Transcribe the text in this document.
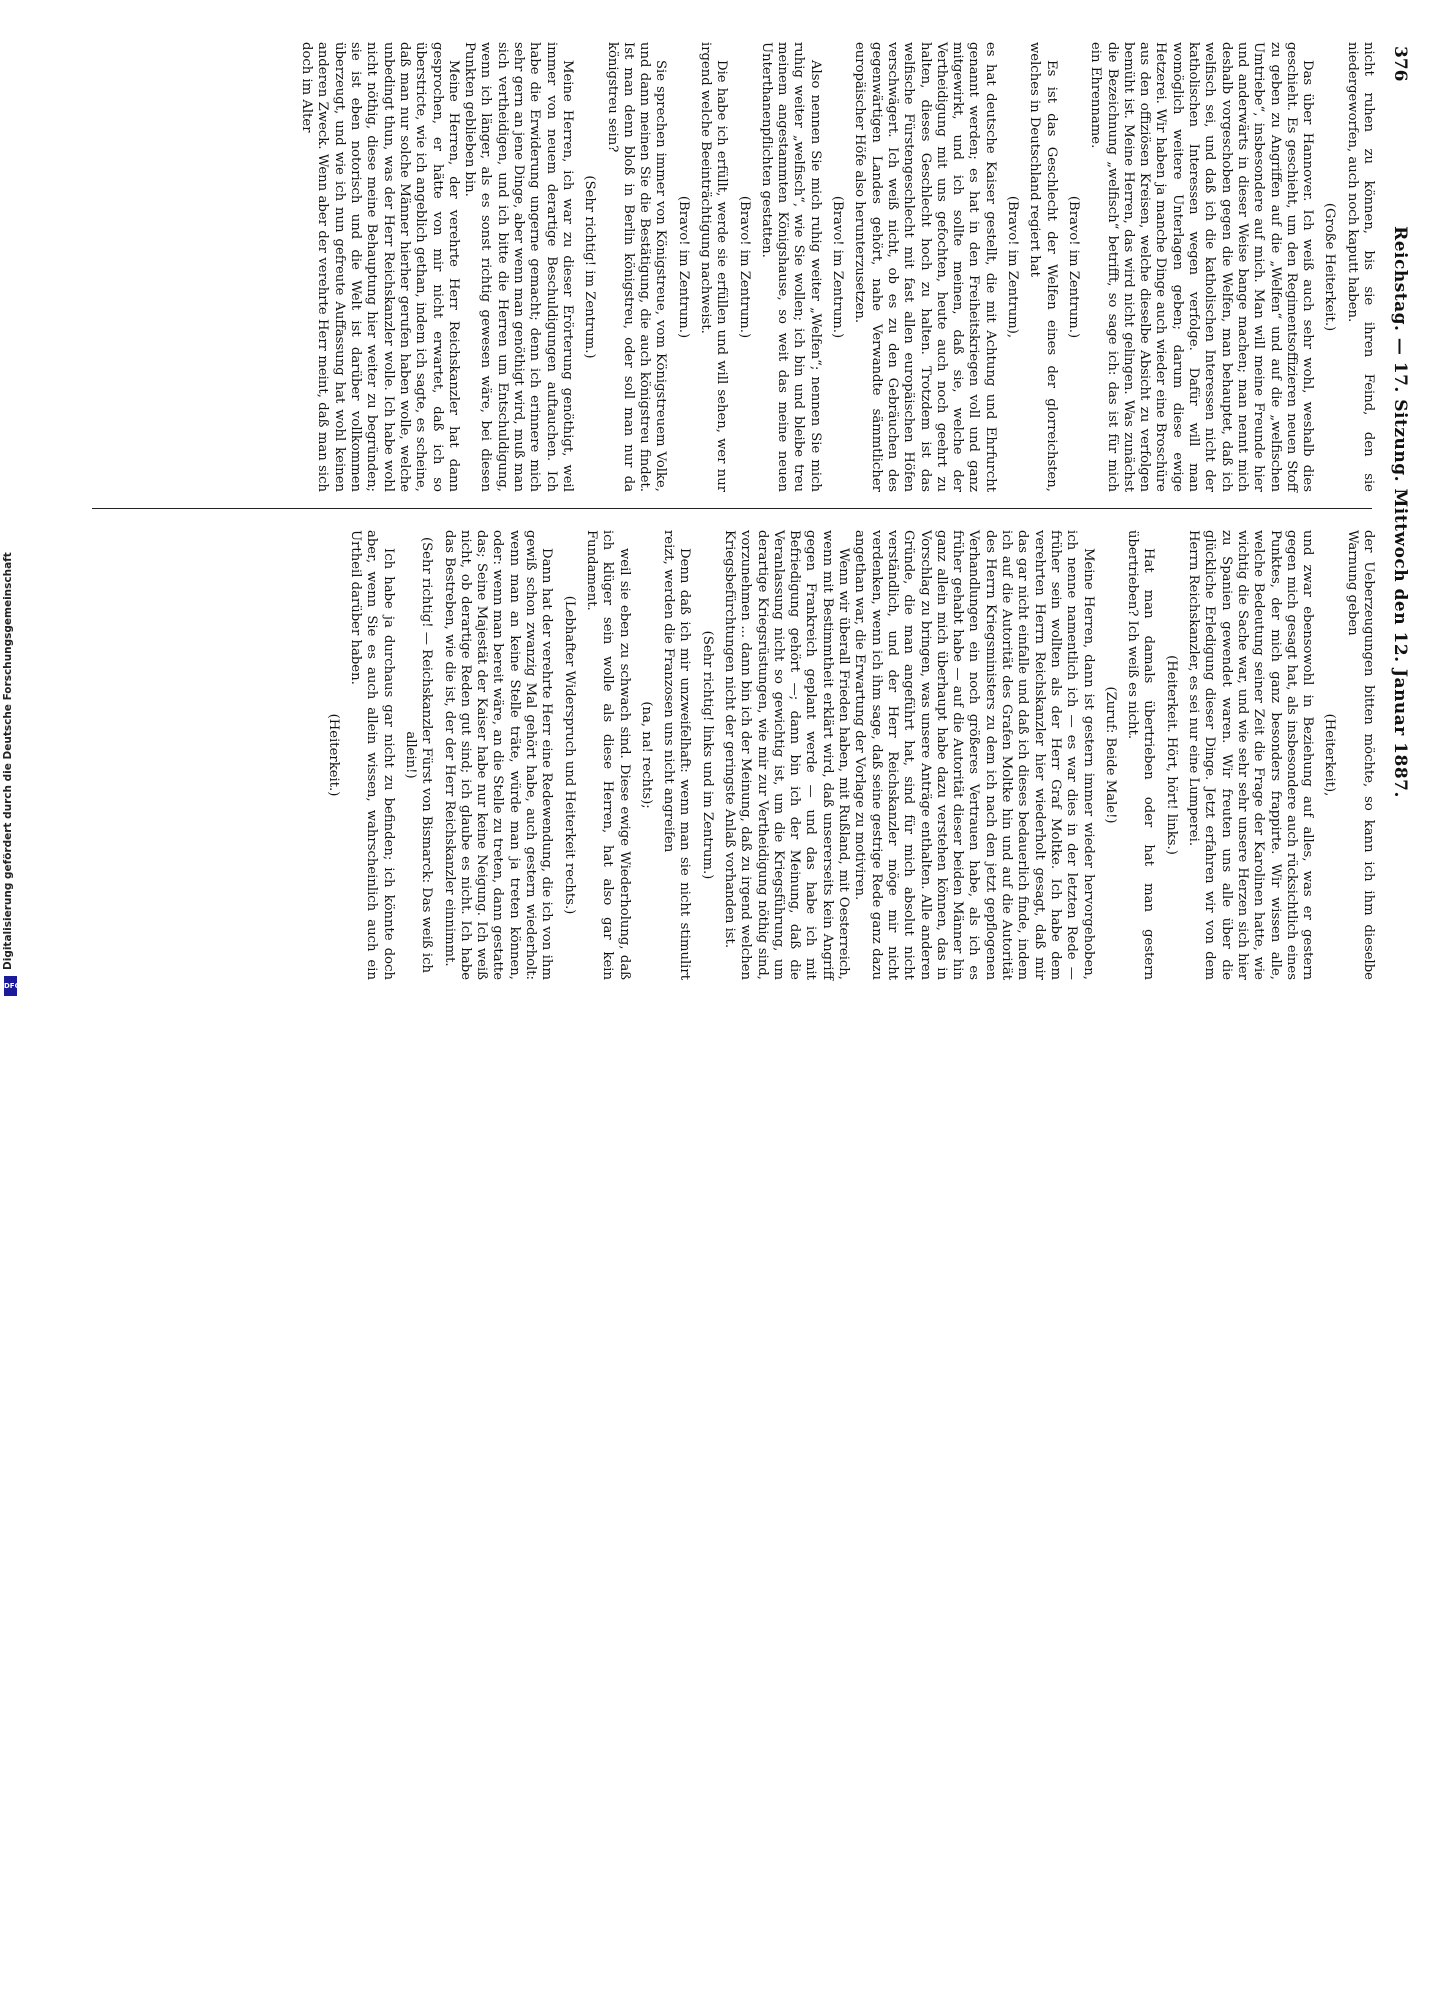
376
Reichstag. — 17. Sitzung. Mittwoch den 12. Januar 1887.

nicht ruhen zu können, bis sie ihren Feind, den sie niedergeworfen, auch noch kaputt haben.

(Große Heiterkeit.)

Das über Hannover. Ich weiß auch sehr wohl, weshalb dies geschieht. Es geschieht, um den Regimentsoffizieren neuen Stoff zu geben zu Angriffen auf die „Welfen“ und auf die „welfischen Umtriebe“, insbesondere auf mich. Man will meine Freunde hier und anderwärts in dieser Weise bange machen; man nennt mich deshalb vorgeschoben gegen die Welfen, man behauptet, daß ich welfisch sei, und daß ich die katholischen Interessen nicht der katholischen Interessen wegen verfolge. Dafür will man womöglich weitere Unterlagen geben; darum diese ewige Hetzerei. Wir haben ja manche Dinge auch wieder eine Broschüre aus den offiziösen Kreisen, welche dieselbe Absicht zu verfolgen bemüht ist. Meine Herren, das wird nicht gelingen. Was zunächst die Bezeichnung „welfisch“ betrifft, so sage ich: das ist für mich ein Ehrenname.

(Bravo! im Zentrum.)

Es ist das Geschlecht der Welfen eines der glorreichsten, welches in Deutschland regiert hat

(Bravo! im Zentrum),

es hat deutsche Kaiser gestellt, die mit Achtung und Ehrfurcht genannt werden; es hat in den Freiheitskriegen voll und ganz mitgewirkt, und ich sollte meinen, daß sie, welche der Vertheidigung mit uns gefochten, heute auch noch geehrt zu halten, dieses Geschlecht hoch zu halten. Trotzdem ist das welfische Fürstengeschlecht mit fast allen europäischen Höfen verschwägert. Ich weiß nicht, ob es zu den Gebräuchen des gegenwärtigen Landes gehört, nahe Verwandte sämmtlicher europäischer Höfe also herunterzusetzen.

(Bravo! im Zentrum.)

Also nennen Sie mich ruhig weiter „Welfen“; nennen Sie mich ruhig weiter „welfisch“, wie Sie wollen; ich bin und bleibe treu meinem angestammten Königshause, so weit das meine neuen Unterthanenpflichten gestatten.

(Bravo! im Zentrum.)

Die habe ich erfüllt, werde sie erfüllen und will sehen, wer nur irgend welche Beeinträchtigung nachweist.

(Bravo! im Zentrum.)

Sie sprechen immer von Königstreue, vom Königstreuem Volke, und dann meinen Sie die Bestätigung, die auch königstreu findet. Ist man denn bloß in Berlin königstreu, oder soll man nur da königstreu sein?

(Sehr richtig! im Zentrum.)

Meine Herren, ich war zu dieser Erörterung genöthigt, weil immer von neuem derartige Beschuldigungen auftauchen. Ich habe die Erwiderung ungerne gemacht; denn ich erinnere mich sehr gern an jene Dinge, aber wenn man genöthigt wird, muß man sich vertheidigen, und ich bitte die Herren um Entschuldigung, wenn ich länger, als es sonst richtig gewesen wäre, bei diesen Punkten geblieben bin.

Meine Herren, der verehrte Herr Reichskanzler hat dann gesprochen, er hätte von mir nicht erwartet, daß ich so überstricte, wie ich angeblich gethan, indem ich sagte, es scheine, daß man nur solche Männer hierher gerufen haben wolle, welche unbedingt thun, was der Herr Reichskanzler wolle. Ich habe wohl nicht nöthig, diese meine Behauptung hier weiter zu begründen; sie ist eben notorisch und die Welt ist darüber vollkommen überzeugt, und wie ich nun gefreute Auffassung hat wohl keinen anderen Zweck. Wenn aber der verehrte Herr meint, daß man sich doch im Alter

der Ueberzeugungen bitten möchte, so kann ich ihm dieselbe Warnung geben

(Heiterkeit),

und zwar ebensowohl in Beziehung auf alles, was er gestern gegen mich gesagt hat, als insbesondere auch rücksichtlich eines Punktes, der mich ganz besonders frappirte. Wir wissen alle, welche Bedeutung seiner Zeit die Frage der Karolinen hatte, wie wichtig die Sache war, und wie sehr sehr unsere Herzen sich hier zu Spanien gewendet waren. Wir freuten uns alle über die glückliche Erledigung dieser Dinge. Jetzt erfahren wir von dem Herrn Reichskanzler, es sei nur eine Lumperei.

(Heiterkeit. Hört, hört! links.)

Hat man damals übertrieben oder hat man gestern übertrieben? Ich weiß es nicht.

(Zuruf: Beide Male!)

Meine Herren, dann ist gestern immer wieder hervorgehoben, ich nenne namentlich ich — es war dies in der letzten Rede — früher sein wollten als der Herr Graf Moltke. Ich habe dem verehrten Herrn Reichskanzler hier wiederholt gesagt, daß mir das gar nicht einfalle und daß ich dieses bedauerlich finde, indem ich auf die Autorität des Grafen Moltke hin und auf die Autorität des Herrn Kriegsministers zu dem ich nach den jetzt gepflogenen Verhandlungen ein noch größeres Vertrauen habe, als ich es früher gehabt habe — auf die Autorität dieser beiden Männer hin ganz allein mich überhaupt habe dazu verstehen können, das in Vorschlag zu bringen, was unsere Anträge enthalten. Alle anderen Gründe, die man angeführt hat, sind für mich absolut nicht verständlich, und der Herr Reichskanzler möge mir nicht verdenken, wenn ich ihm sage, daß seine gestrige Rede ganz dazu angethan war, die Erwartung der Vorlage zu motiviren.

Wenn wir überall Frieden haben, mit Rußland, mit Oesterreich, wenn mit Bestimmtheit erklärt wird, daß unsererseits kein Angriff gegen Frankreich geplant werde — und das habe ich mit Befriedigung gehört —; dann bin ich der Meinung, daß die Veranlassung nicht so gewichtig ist, um die Kriegsführung, um derartige Kriegsrüstungen, wie mir zur Vertheidigung nöthig sind, vorzunehmen ... dann bin ich der Meinung, daß zu irgend welchen Kriegsbefürchtungen nicht der geringste Anlaß vorhanden ist.

(Sehr richtig! links und im Zentrum.)

Denn daß ich mir unzweifelhaft: wenn man sie nicht stimulirt reizt, werden die Franzosen uns nicht angreifen

(na, na! rechts);

weil sie eben zu schwach sind. Diese ewige Wiederholung, daß ich klüger sein wolle als diese Herren, hat also gar kein Fundament.

(Lebhafter Widerspruch und Heiterkeit rechts.)

Dann hat der verehrte Herr eine Redewendung, die ich von ihm gewiß schon zwanzig Mal gehört habe, auch gestern wiederholt: wenn man an keine Stelle träte, würde man ja treten können, oder: wenn man bereit wäre, an die Stelle zu treten, dann gestatte das; Seine Majestät der Kaiser habe nur keine Neigung. Ich weiß nicht, ob derartige Reden gut sind; ich glaube es nicht. Ich habe das Bestreben, wie die ist, der der Herr Reichskanzler einnimmt.

(Sehr richtig! — Reichskanzler Fürst von Bismarck: Das weiß ich allein!)

Ich habe ja durchaus gar nicht zu befinden; ich könnte doch aber, wenn Sie es auch allein wissen, wahrscheinlich auch ein Urtheil darüber haben.

(Heiterkeit.)
Digitalisierung gefördert durch die Deutsche Forschungsgemeinschaft
DFG
